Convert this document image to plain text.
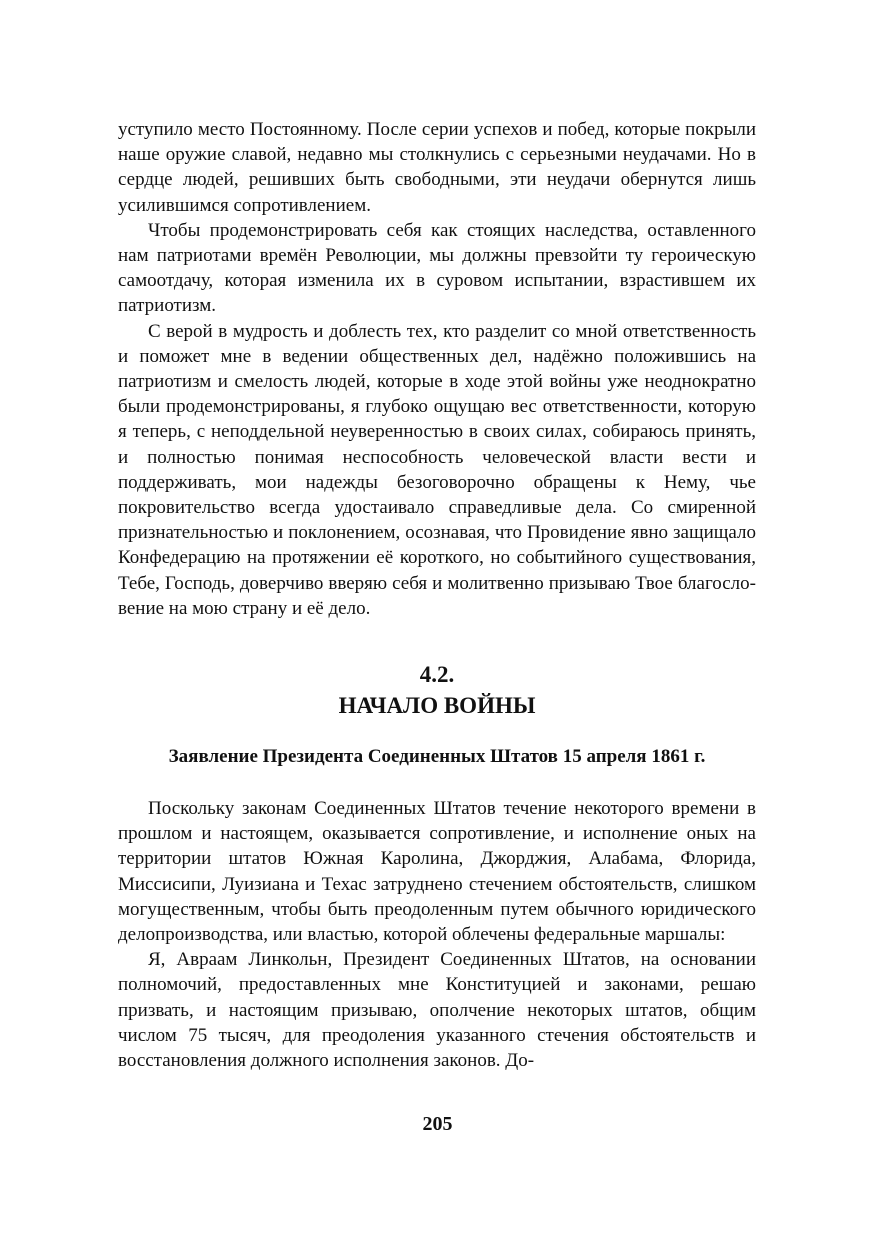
уступило место Постоянному. После серии успехов и побед, которые покрыли наше оружие славой, недавно мы столкнулись с серьезными неудачами. Но в сердце людей, решивших быть свободными, эти неудачи обернутся лишь усилившимся сопротивлением.

Чтобы продемонстрировать себя как стоящих наследства, оставленного нам патриотами времён Революции, мы должны превзойти ту героическую самоотдачу, которая изменила их в суровом испытании, взрастившем их патриотизм.

С верой в мудрость и доблесть тех, кто разделит со мной ответственность и поможет мне в ведении общественных дел, надёжно положившись на патриотизм и смелость людей, которые в ходе этой войны уже неоднократно были продемонстрированы, я глубоко ощущаю вес ответственности, которую я теперь, с неподдельной неуверенностью в своих силах, собираюсь принять, и полностью понимая неспособность человеческой власти вести и поддерживать, мои надежды безоговорочно обращены к Нему, чье покровительство всегда удостаивало справедливые дела. Со смиренной признательностью и поклонением, осознавая, что Провидение явно защищало Конфедерацию на протяжении её короткого, но событийного существования, Тебе, Господь, доверчиво вверяю себя и молитвенно призываю Твое благословение на мою страну и её дело.

4.2.
НАЧАЛО ВОЙНЫ
Заявление Президента Соединенных Штатов 15 апреля 1861 г.

Поскольку законам Соединенных Штатов течение некоторого времени в прошлом и настоящем, оказывается сопротивление, и исполнение оных на территории штатов Южная Каролина, Джорджия, Алабама, Флорида, Миссисипи, Луизиана и Техас затруднено стечением обстоятельств, слишком могущественным, чтобы быть преодоленным путем обычного юридического делопроизводства, или властью, которой облечены федеральные маршалы:

Я, Авраам Линкольн, Президент Соединенных Штатов, на основании полномочий, предоставленных мне Конституцией и законами, решаю призвать, и настоящим призываю, ополчение некоторых штатов, общим числом 75 тысяч, для преодоления указанного стечения обстоятельств и восстановления должного исполнения законов. До-

205
